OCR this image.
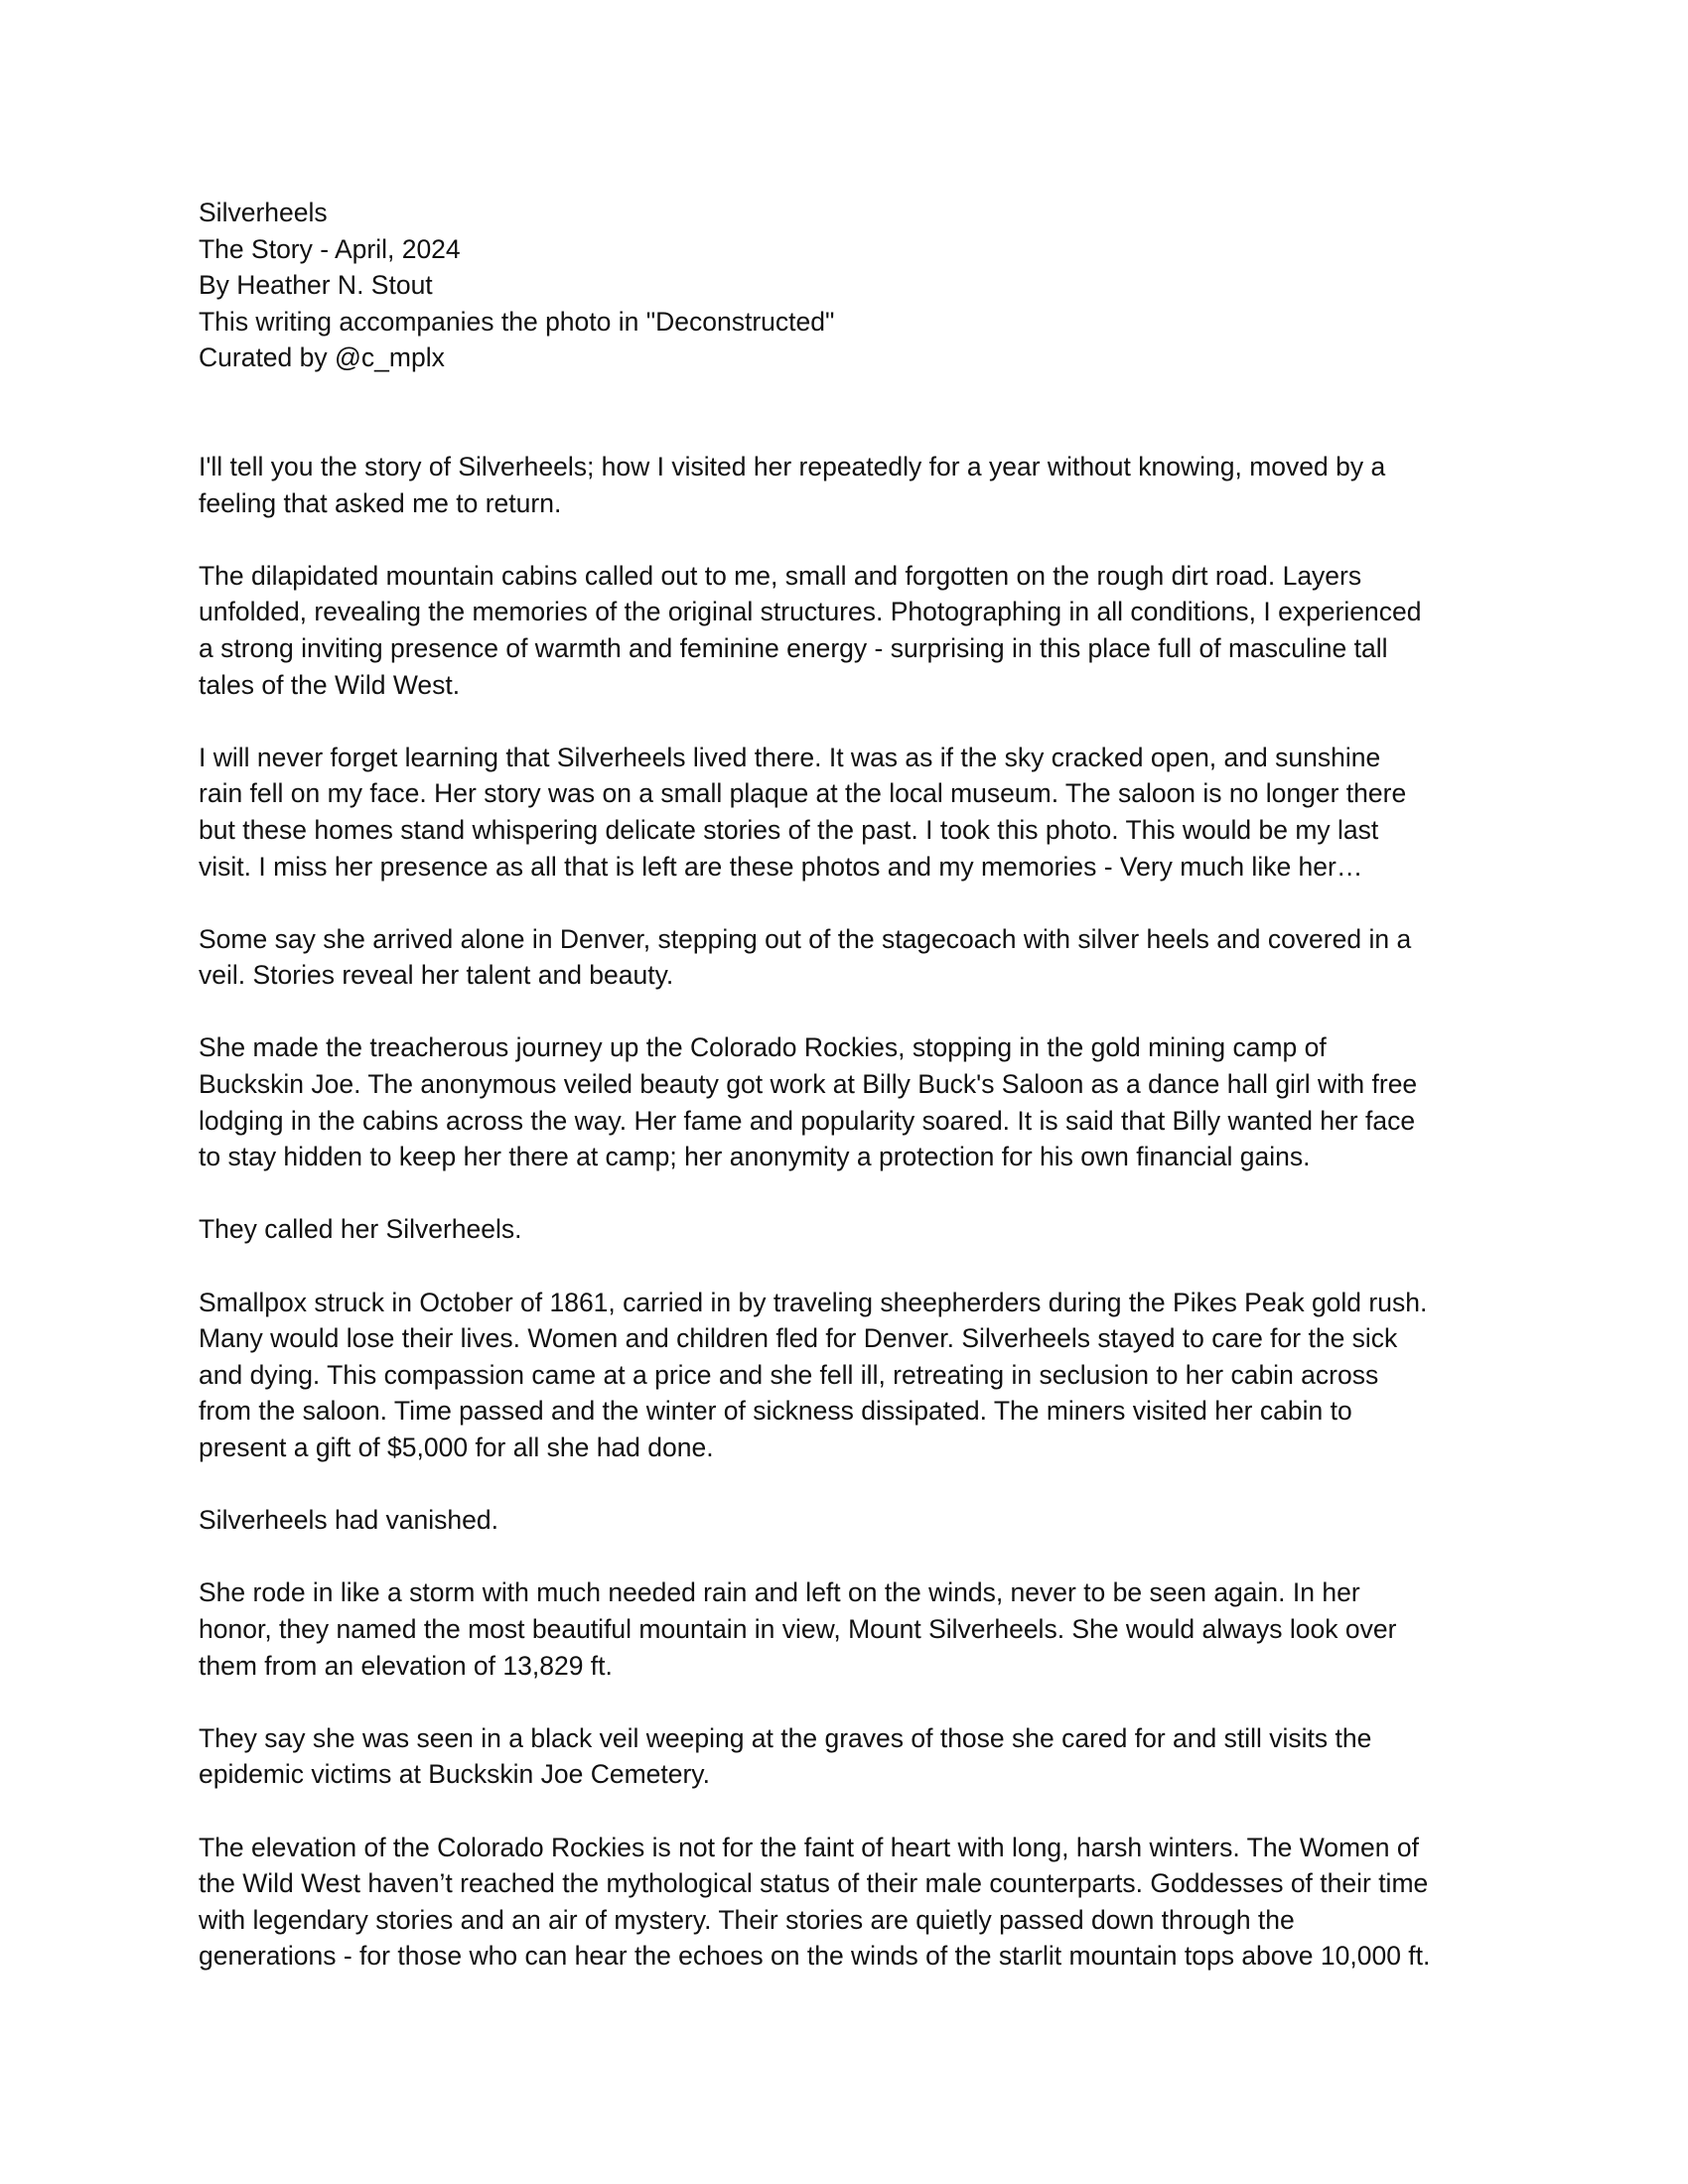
Silverheels
The Story - April, 2024
By Heather N. Stout
This writing accompanies the photo in "Deconstructed"
Curated by @c_mplx

I'll tell you the story of Silverheels; how I visited her repeatedly for a year without knowing, moved by a
feeling that asked me to return.

The dilapidated mountain cabins called out to me, small and forgotten on the rough dirt road. Layers
unfolded, revealing the memories of the original structures. Photographing in all conditions, I experienced
a strong inviting presence of warmth and feminine energy - surprising in this place full of masculine tall
tales of the Wild West.

I will never forget learning that Silverheels lived there. It was as if the sky cracked open, and sunshine
rain fell on my face. Her story was on a small plaque at the local museum. The saloon is no longer there
but these homes stand whispering delicate stories of the past. I took this photo. This would be my last
visit. I miss her presence as all that is left are these photos and my memories - Very much like her…

Some say she arrived alone in Denver, stepping out of the stagecoach with silver heels and covered in a
veil. Stories reveal her talent and beauty.

She made the treacherous journey up the Colorado Rockies, stopping in the gold mining camp of
Buckskin Joe. The anonymous veiled beauty got work at Billy Buck's Saloon as a dance hall girl with free
lodging in the cabins across the way. Her fame and popularity soared. It is said that Billy wanted her face
to stay hidden to keep her there at camp; her anonymity a protection for his own financial gains.

They called her Silverheels.

Smallpox struck in October of 1861, carried in by traveling sheepherders during the Pikes Peak gold rush.
Many would lose their lives. Women and children fled for Denver. Silverheels stayed to care for the sick
and dying. This compassion came at a price and she fell ill, retreating in seclusion to her cabin across
from the saloon. Time passed and the winter of sickness dissipated. The miners visited her cabin to
present a gift of $5,000 for all she had done.

Silverheels had vanished.

She rode in like a storm with much needed rain and left on the winds, never to be seen again. In her
honor, they named the most beautiful mountain in view, Mount Silverheels. She would always look over
them from an elevation of 13,829 ft.

They say she was seen in a black veil weeping at the graves of those she cared for and still visits the
epidemic victims at Buckskin Joe Cemetery.

The elevation of the Colorado Rockies is not for the faint of heart with long, harsh winters. The Women of
the Wild West haven’t reached the mythological status of their male counterparts. Goddesses of their time
with legendary stories and an air of mystery. Their stories are quietly passed down through the
generations - for those who can hear the echoes on the winds of the starlit mountain tops above 10,000 ft.
